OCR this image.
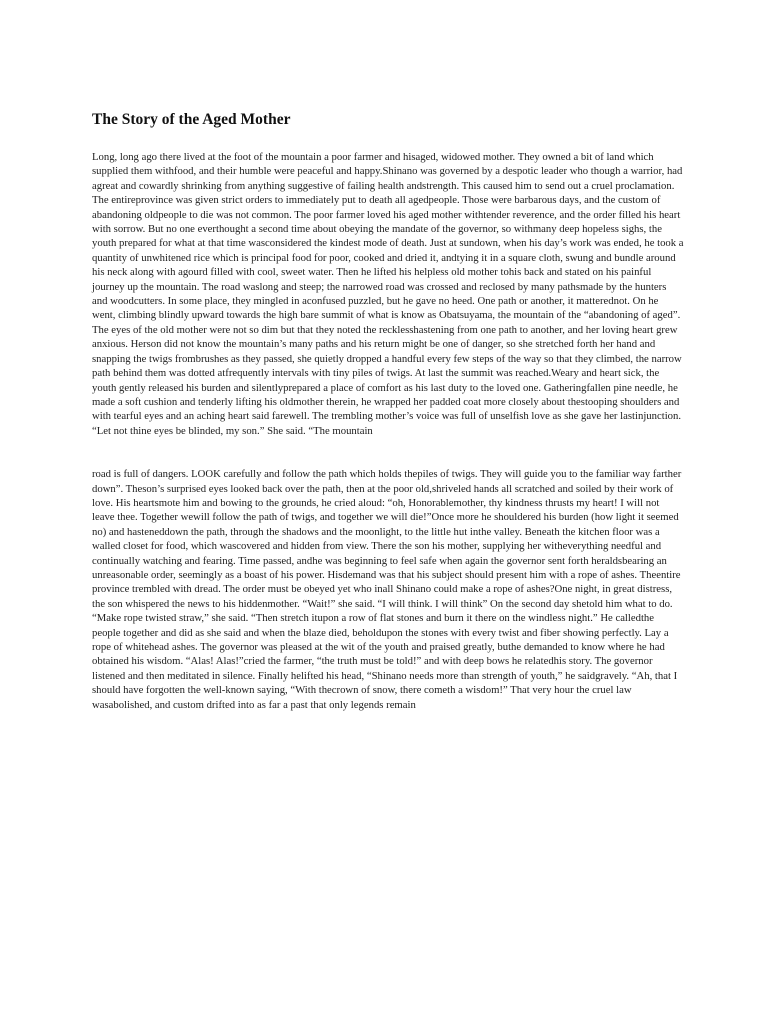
The Story of the Aged Mother

Long, long ago there lived at the foot of the mountain a poor farmer and hisaged, widowed mother. They owned a bit of land which supplied them withfood, and their humble were peaceful and happy.Shinano was governed by a despotic leader who though a warrior, had agreat and cowardly shrinking from anything suggestive of failing health andstrength. This caused him to send out a cruel proclamation. The entireprovince was given strict orders to immediately put to death all agedpeople. Those were barbarous days, and the custom of abandoning oldpeople to die was not common. The poor farmer loved his aged mother withtender reverence, and the order filled his heart with sorrow. But no one everthought a second time about obeying the mandate of the governor, so withmany deep hopeless sighs, the youth prepared for what at that time wasconsidered the kindest mode of death. Just at sundown, when his day’s work was ended, he took a quantity of unwhitened rice which is principal food for poor, cooked and dried it, andtying it in a square cloth, swung and bundle around his neck along with agourd filled with cool, sweet water. Then he lifted his helpless old mother tohis back and stated on his painful journey up the mountain. The road waslong and steep; the narrowed road was crossed and reclosed by many pathsmade by the hunters and woodcutters. In some place, they mingled in aconfused puzzled, but he gave no heed. One path or another, it matterednot. On he went, climbing blindly upward towards the high bare summit of what is know as Obatsuyama, the mountain of the “abandoning of aged”. The eyes of the old mother were not so dim but that they noted the recklesshastening from one path to another, and her loving heart grew anxious. Herson did not know the mountain’s many paths and his return might be one of danger, so she stretched forth her hand and snapping the twigs frombrushes as they passed, she quietly dropped a handful every few steps of the way so that they climbed, the narrow path behind them was dotted atfrequently intervals with tiny piles of twigs. At last the summit was reached.Weary and heart sick, the youth gently released his burden and silentlyprepared a place of comfort as his last duty to the loved one. Gatheringfallen pine needle, he made a soft cushion and tenderly lifting his oldmother therein, he wrapped her padded coat more closely about thestooping shoulders and with tearful eyes and an aching heart said farewell. The trembling mother’s voice was full of unselfish love as she gave her lastinjunction. “Let not thine eyes be blinded, my son.” She said. “The mountain

road is full of dangers. LOOK carefully and follow the path which holds thepiles of twigs. They will guide you to the familiar way farther down”. Theson’s surprised eyes looked back over the path, then at the poor old,shriveled hands all scratched and soiled by their work of love. His heartsmote him and bowing to the grounds, he cried aloud: “oh, Honorablemother, thy kindness thrusts my heart! I will not leave thee. Together wewill follow the path of twigs, and together we will die!”Once more he shouldered his burden (how light it seemed no) and hasteneddown the path, through the shadows and the moonlight, to the little hut inthe valley. Beneath the kitchen floor was a walled closet for food, which wascovered and hidden from view. There the son his mother, supplying her witheverything needful and continually watching and fearing. Time passed, andhe was beginning to feel safe when again the governor sent forth heraldsbearing an unreasonable order, seemingly as a boast of his power. Hisdemand was that his subject should present him with a rope of ashes. Theentire province trembled with dread. The order must be obeyed yet who inall Shinano could make a rope of ashes?One night, in great distress, the son whispered the news to his hiddenmother. “Wait!” she said. “I will think. I will think” On the second day shetold him what to do. “Make rope twisted straw,” she said. “Then stretch itupon a row of flat stones and burn it there on the windless night.” He calledthe people together and did as she said and when the blaze died, beholdupon the stones with every twist and fiber showing perfectly. Lay a rope of whitehead ashes. The governor was pleased at the wit of the youth and praised greatly, buthe demanded to know where he had obtained his wisdom. “Alas! Alas!”cried the farmer, “the truth must be told!” and with deep bows he relatedhis story. The governor listened and then meditated in silence. Finally helifted his head, “Shinano needs more than strength of youth,” he saidgravely. “Ah, that I should have forgotten the well-known saying, “With thecrown of snow, there cometh a wisdom!” That very hour the cruel law wasabolished, and custom drifted into as far a past that only legends remain
